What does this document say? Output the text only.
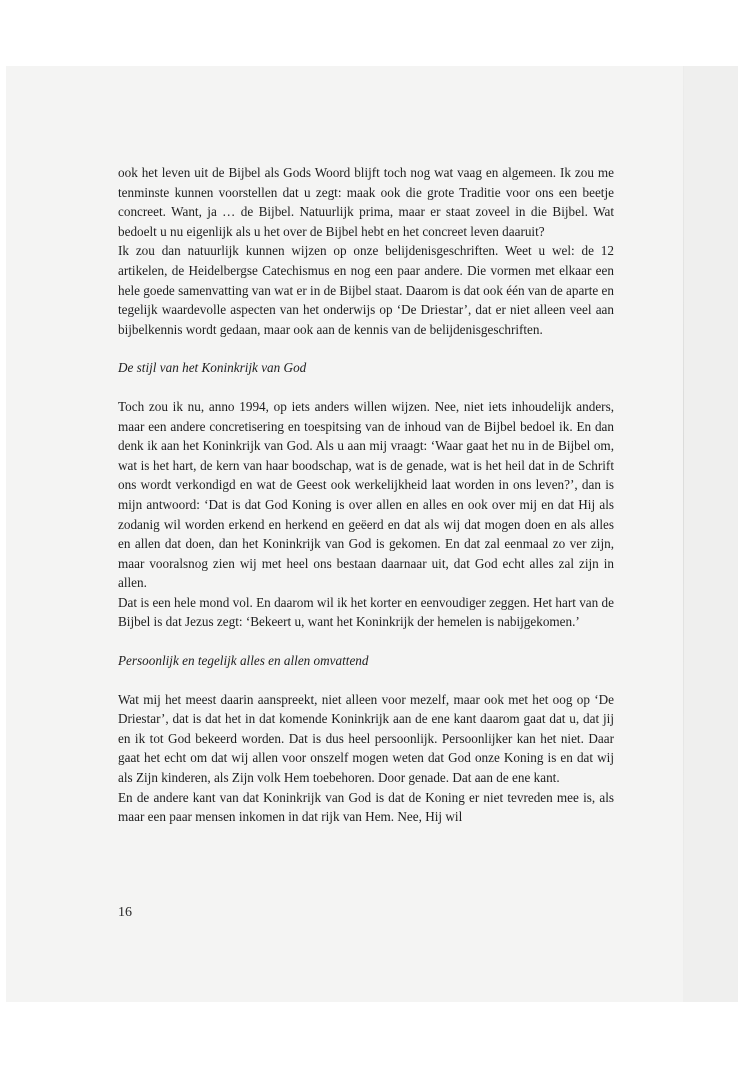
ook het leven uit de Bijbel als Gods Woord blijft toch nog wat vaag en algemeen. Ik zou me tenminste kunnen voorstellen dat u zegt: maak ook die grote Traditie voor ons een beetje concreet. Want, ja … de Bijbel. Natuurlijk prima, maar er staat zoveel in die Bijbel. Wat bedoelt u nu eigenlijk als u het over de Bijbel hebt en het concreet leven daaruit?

Ik zou dan natuurlijk kunnen wijzen op onze belijdenisgeschriften. Weet u wel: de 12 artikelen, de Heidelbergse Catechismus en nog een paar andere. Die vormen met elkaar een hele goede samenvatting van wat er in de Bijbel staat. Daarom is dat ook één van de aparte en tegelijk waardevolle aspecten van het onderwijs op ‘De Driestar’, dat er niet alleen veel aan bijbelkennis wordt gedaan, maar ook aan de kennis van de belijdenisgeschriften.

De stijl van het Koninkrijk van God

Toch zou ik nu, anno 1994, op iets anders willen wijzen. Nee, niet iets inhoudelijk anders, maar een andere concretisering en toespitsing van de inhoud van de Bijbel bedoel ik. En dan denk ik aan het Koninkrijk van God. Als u aan mij vraagt: ‘Waar gaat het nu in de Bijbel om, wat is het hart, de kern van haar boodschap, wat is de genade, wat is het heil dat in de Schrift ons wordt verkondigd en wat de Geest ook werkelijkheid laat worden in ons leven?’, dan is mijn antwoord: ‘Dat is dat God Koning is over allen en alles en ook over mij en dat Hij als zodanig wil worden erkend en herkend en geëerd en dat als wij dat mogen doen en als alles en allen dat doen, dan het Koninkrijk van God is gekomen. En dat zal eenmaal zo ver zijn, maar vooralsnog zien wij met heel ons bestaan daarnaar uit, dat God echt alles zal zijn in allen.

Dat is een hele mond vol. En daarom wil ik het korter en eenvoudiger zeggen. Het hart van de Bijbel is dat Jezus zegt: ‘Bekeert u, want het Koninkrijk der hemelen is nabijgekomen.’

Persoonlijk en tegelijk alles en allen omvattend

Wat mij het meest daarin aanspreekt, niet alleen voor mezelf, maar ook met het oog op ‘De Driestar’, dat is dat het in dat komende Koninkrijk aan de ene kant daarom gaat dat u, dat jij en ik tot God bekeerd worden. Dat is dus heel persoonlijk. Persoonlijker kan het niet. Daar gaat het echt om dat wij allen voor onszelf mogen weten dat God onze Koning is en dat wij als Zijn kinderen, als Zijn volk Hem toebehoren. Door genade. Dat aan de ene kant.

En de andere kant van dat Koninkrijk van God is dat de Koning er niet tevreden mee is, als maar een paar mensen inkomen in dat rijk van Hem. Nee, Hij wil

16
